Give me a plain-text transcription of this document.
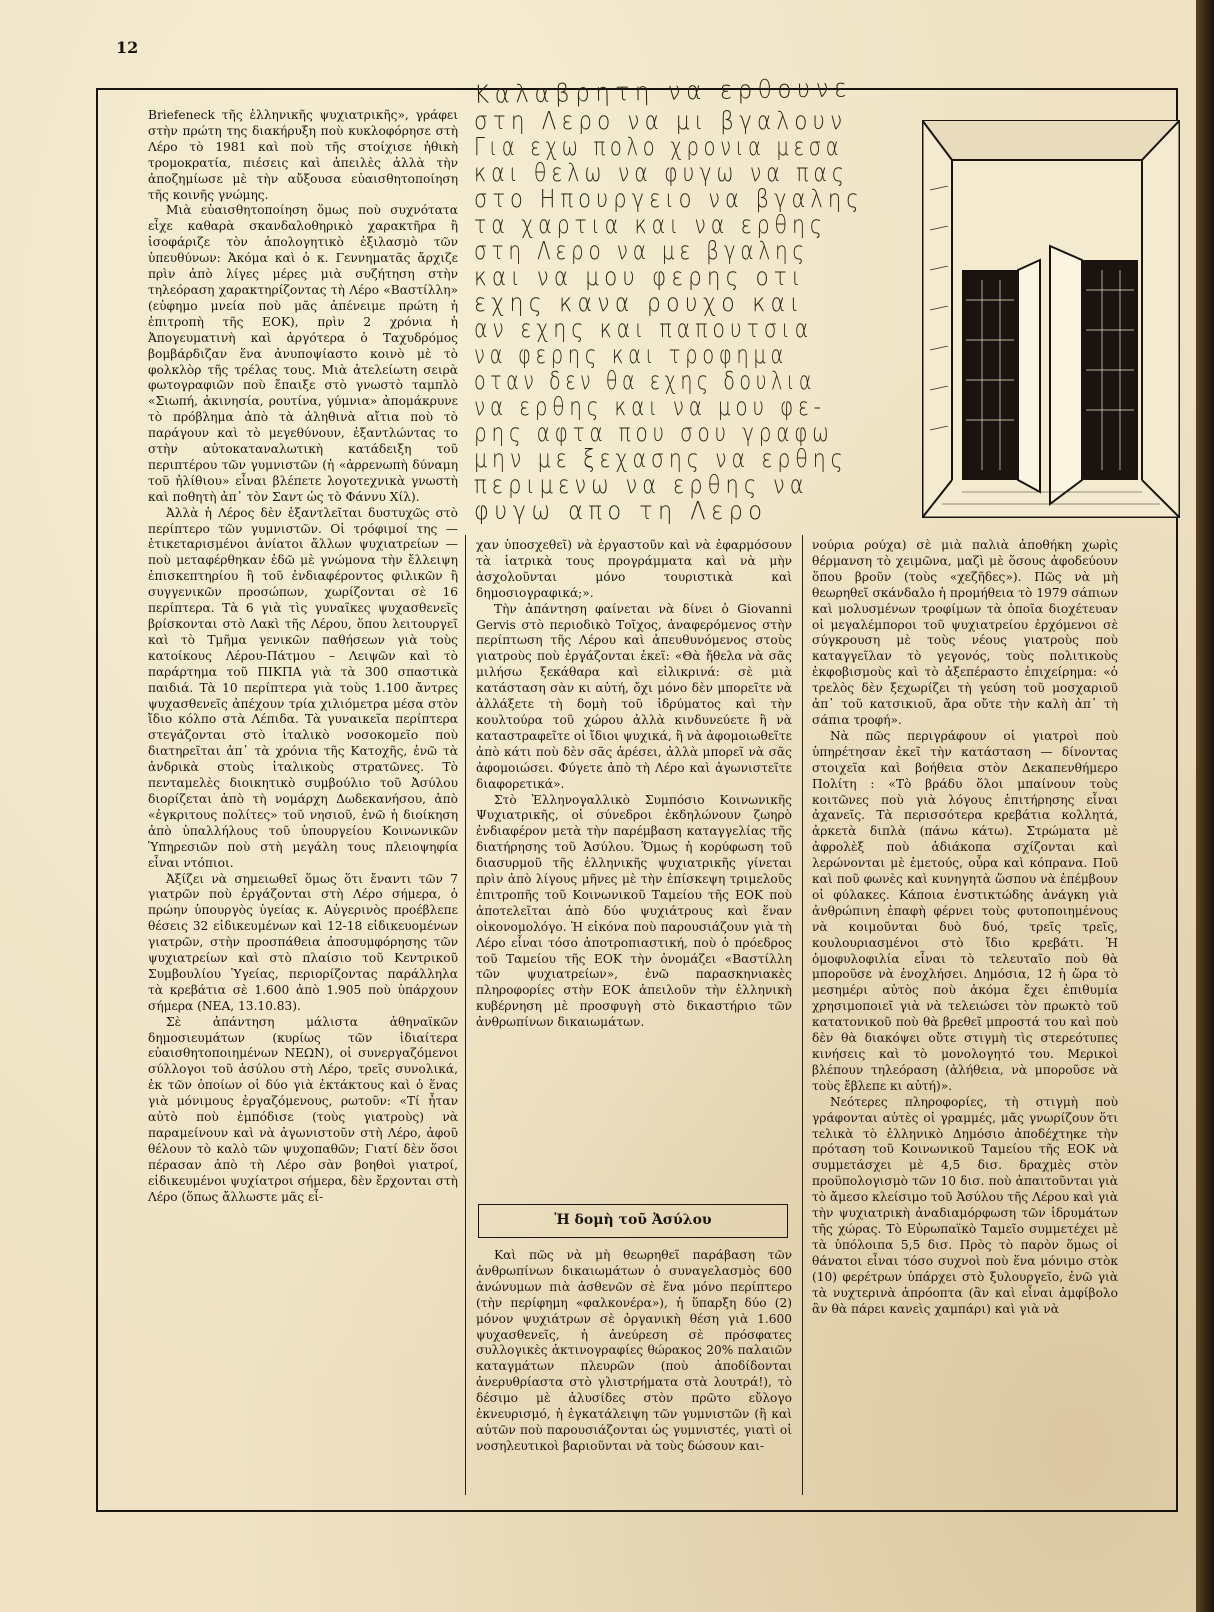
12
Καλαβρητη να ερθουνε
στη Λερο να μι βγαλουν
Για εχω πολο χρονια μεσα
και θελω να φυγω να πας
στο Ηπουργειο να βγαλης
τα χαρτια και να ερθης
στη Λερο να με βγαλης
και να μου φερης οτι
εχης κανα ρουχο και
αν εχης και παπουτσια
να φερης και τροφημα
οταν δεν θα εχης δουλια
να ερθης και να μου φε-
ρης αφτα που σου γραφω
μην με ξεχασης να ερθης
περιμενω να ερθης να
φυγω απο τη Λερο

Briefeneck τῆς ἑλληνικῆς ψυχιατρικῆς», γράφει στὴν πρώτη της διακήρυξη ποὺ κυκλοφόρησε στὴ Λέρο τὸ 1981 καὶ ποὺ τῆς στοίχισε ἠθικὴ τρομοκρατία, πιέσεις καὶ ἀπειλὲς ἀλλὰ τὴν ἀποζημίωσε μὲ τὴν αὔξουσα εὐαισθητοποίηση τῆς κοινῆς γνώμης.

Μιὰ εὐαισθητοποίηση ὅμως ποὺ συχνότατα εἶχε καθαρὰ σκανδαλοθηρικὸ χαρακτῆρα ἢ ἰσοφάριζε τὸν ἀπολογητικὸ ἐξιλασμὸ τῶν ὑπευθύνων: Ἀκόμα καὶ ὁ κ. Γεννηματᾶς ἄρχιζε πρὶν ἀπὸ λίγες μέρες μιὰ συζήτηση στὴν τηλεόραση χαρακτηρίζοντας τὴ Λέρο «Βαστίλλη» (εὐφημο μνεία ποὺ μᾶς ἀπένειμε πρώτη ἡ ἐπιτροπὴ τῆς ΕΟΚ), πρὶν 2 χρόνια ἡ Ἀπογευματινὴ καὶ ἀργότερα ὁ Ταχυδρόμος βομβάρδιζαν ἕνα ἀνυποψίαστο κοινὸ μὲ τὸ φολκλὸρ τῆς τρέλας τους. Μιὰ ἀτελείωτη σειρὰ φωτογραφιῶν ποὺ ἔπαιξε στὸ γνωστὸ ταμπλὸ «Σιωπή, ἀκινησία, ρουτίνα, γύμνια» ἀπομάκρυνε τὸ πρόβλημα ἀπὸ τὰ ἀληθινὰ αἴτια ποὺ τὸ παράγουν καὶ τὸ μεγεθύνουν, ἐξαντλώντας το στὴν αὐτοκαταναλωτικὴ κατάδειξη τοῦ περιπτέρου τῶν γυμνιστῶν (ἡ «ἀρρενωπὴ δύναμη τοῦ ἠλίθιου» εἶναι βλέπετε λογοτεχνικὰ γνωστὴ καὶ ποθητὴ ἀπ᾽ τὸν Σαντ ὡς τὸ Φάννυ Χίλ).

Ἀλλὰ ἡ Λέρος δὲν ἐξαντλεῖται δυστυχῶς στὸ περίπτερο τῶν γυμνιστῶν. Οἱ τρόφιμοί της — ἐτικεταρισμένοι ἀνίατοι ἄλλων ψυχιατρείων — ποὺ μεταφέρθηκαν ἐδῶ μὲ γνώμονα τὴν ἔλλειψη ἐπισκεπτηρίου ἢ τοῦ ἐνδιαφέροντος φιλικῶν ἢ συγγενικῶν προσώπων, χωρίζονται σὲ 16 περίπτερα. Τὰ 6 γιὰ τὶς γυναῖκες ψυχασθενεῖς βρίσκονται στὸ Λακὶ τῆς Λέρου, ὅπου λειτουργεῖ καὶ τὸ Τμῆμα γενικῶν παθήσεων γιὰ τοὺς κατοίκους Λέρου-Πάτμου – Λειψῶν καὶ τὸ παράρτημα τοῦ ΠΙΚΠΑ γιὰ τὰ 300 σπαστικὰ παιδιά. Τὰ 10 περίπτερα γιὰ τοὺς 1.100 ἄντρες ψυχασθενεῖς ἀπέχουν τρία χιλιόμετρα μέσα στὸν ἴδιο κόλπο στὰ Λέπιδα. Τὰ γυναικεῖα περίπτερα στεγάζονται στὸ ἰταλικὸ νοσοκομεῖο ποὺ διατηρεῖται ἀπ᾽ τὰ χρόνια τῆς Κατοχῆς, ἐνῶ τὰ ἀνδρικὰ στοὺς ἰταλικοὺς στρατῶνες. Τὸ πενταμελὲς διοικητικὸ συμβούλιο τοῦ Ἀσύλου διορίζεται ἀπὸ τὴ νομάρχη Δωδεκανήσου, ἀπὸ «ἐγκριτους πολίτες» τοῦ νησιοῦ, ἐνῶ ἡ διοίκηση ἀπὸ ὑπαλλήλους τοῦ ὑπουργείου Κοινωνικῶν Ὑπηρεσιῶν ποὺ στὴ μεγάλη τους πλειοψηφία εἶναι ντόπιοι.

Ἀξίζει νὰ σημειωθεῖ ὅμως ὅτι ἔναντι τῶν 7 γιατρῶν ποὺ ἐργάζονται στὴ Λέρο σήμερα, ὁ πρώην ὑπουργὸς ὑγείας κ. Αὐγερινὸς προέβλεπε θέσεις 32 εἰδικευμένων καὶ 12-18 εἰδικευομένων γιατρῶν, στὴν προσπάθεια ἀποσυμφόρησης τῶν ψυχιατρείων καὶ στὸ πλαίσιο τοῦ Κεντρικοῦ Συμβουλίου Ὑγείας, περιορίζοντας παράλληλα τὰ κρεβάτια σὲ 1.600 ἀπὸ 1.905 ποὺ ὑπάρχουν σήμερα (ΝΕΑ, 13.10.83).

Σὲ ἀπάντηση μάλιστα ἀθηναϊκῶν δημοσιευμάτων (κυρίως τῶν ἰδιαίτερα εὐαισθητοποιημένων ΝΕΩΝ), οἱ συνεργαζόμενοι σύλλογοι τοῦ ἀσύλου στὴ Λέρο, τρεῖς συνολικά, ἐκ τῶν ὁποίων οἱ δύο γιὰ ἐκτάκτους καὶ ὁ ἕνας γιὰ μόνιμους ἐργαζόμενους, ρωτοῦν: «Τί ἦταν αὐτὸ ποὺ ἐμπόδισε (τοὺς γιατροὺς) νὰ παραμείνουν καὶ νὰ ἀγωνιστοῦν στὴ Λέρο, ἀφοῦ θέλουν τὸ καλὸ τῶν ψυχοπαθῶν; Γιατί δὲν ὅσοι πέρασαν ἀπὸ τὴ Λέρο σὰν βοηθοὶ γιατροί, εἰδικευμένοι ψυχίατροι σήμερα, δὲν ἔρχονται στὴ Λέρο (ὅπως ἄλλωστε μᾶς εἶ-

χαν ὑποσχεθεῖ) νὰ ἐργαστοῦν καὶ νὰ ἐφαρμόσουν τὰ ἰατρικὰ τους προγράμματα καὶ νὰ μὴν ἀσχολοῦνται μόνο τουριστικὰ καὶ δημοσιογραφικά;».

Τὴν ἀπάντηση φαίνεται νὰ δίνει ὁ Giovanni Gervis στὸ περιοδικὸ Τοῖχος, ἀναφερόμενος στὴν περίπτωση τῆς Λέρου καὶ ἀπευθυνόμενος στοὺς γιατροὺς ποὺ ἐργάζονται ἐκεῖ: «Θὰ ἤθελα νὰ σᾶς μιλήσω ξεκάθαρα καὶ εἰλικρινά: σὲ μιὰ κατάσταση σὰν κι αὐτή, ὄχι μόνο δὲν μπορεῖτε νὰ ἀλλάξετε τὴ δομὴ τοῦ ἱδρύματος καὶ τὴν κουλτούρα τοῦ χώρου ἀλλὰ κινδυνεύετε ἢ νὰ καταστραφεῖτε οἱ ἴδιοι ψυχικά, ἢ νὰ ἀφομοιωθεῖτε ἀπὸ κάτι ποὺ δὲν σᾶς ἀρέσει, ἀλλὰ μπορεῖ νὰ σᾶς ἀφομοιώσει. Φύγετε ἀπὸ τὴ Λέρο καὶ ἀγωνιστεῖτε διαφορετικά».

Στὸ Ἑλληνογαλλικὸ Συμπόσιο Κοινωνικῆς Ψυχιατρικῆς, οἱ σύνεδροι ἐκδηλώνουν ζωηρὸ ἐνδιαφέρον μετὰ τὴν παρέμβαση καταγγελίας τῆς διατήρησης τοῦ Ἀσύλου. Ὅμως ἡ κορύφωση τοῦ διασυρμοῦ τῆς ἑλληνικῆς ψυχιατρικῆς γίνεται πρὶν ἀπὸ λίγους μῆνες μὲ τὴν ἐπίσκεψη τριμελοῦς ἐπιτροπῆς τοῦ Κοινωνικοῦ Ταμείου τῆς ΕΟΚ ποὺ ἀποτελεῖται ἀπὸ δύο ψυχιάτρους καὶ ἕναν οἰκονομολόγο. Ἡ εἰκόνα ποὺ παρουσιάζουν γιὰ τὴ Λέρο εἶναι τόσο ἀποτροπιαστική, ποὺ ὁ πρόεδρος τοῦ Ταμείου τῆς ΕΟΚ τὴν ὀνομάζει «Βαστίλλη τῶν ψυχιατρείων», ἐνῶ παρασκηνιακὲς πληροφορίες στὴν ΕΟΚ ἀπειλοῦν τὴν ἑλληνικὴ κυβέρνηση μὲ προσφυγὴ στὸ δικαστήριο τῶν ἀνθρωπίνων δικαιωμάτων.

Ἡ δομὴ τοῦ Ἀσύλου

Καὶ πῶς νὰ μὴ θεωρηθεῖ παράβαση τῶν ἀνθρωπίνων δικαιωμάτων ὁ συναγελασμὸς 600 ἀνώνυμων πιὰ ἀσθενῶν σὲ ἕνα μόνο περίπτερο (τὴν περίφημη «φαλκονέρα»), ἡ ὕπαρξη δύο (2) μόνον ψυχιάτρων σὲ ὀργανικὴ θέση γιὰ 1.600 ψυχασθενεῖς, ἡ ἀνεύρεση σὲ πρόσφατες συλλογικὲς ἀκτινογραφίες θώρακος 20% παλαιῶν καταγμάτων πλευρῶν (ποὺ ἀποδίδονται ἀνερυθρίαστα στὸ γλιστρήματα στὰ λουτρά!), τὸ δέσιμο μὲ ἁλυσίδες στὸν πρῶτο εὔλογο ἐκνευρισμό, ἡ ἐγκατάλειψη τῶν γυμνιστῶν (ἢ καὶ αὐτῶν ποὺ παρουσιάζονται ὡς γυμνιστές, γιατὶ οἱ νοσηλευτικοὶ βαριοῦνται νὰ τοὺς δώσουν και-

νούρια ρούχα) σὲ μιὰ παλιὰ ἀποθήκη χωρὶς θέρμανση τὸ χειμῶνα, μαζὶ μὲ ὅσους ἀφοδεύουν ὅπου βροῦν (τοὺς «χεζῆδες»). Πῶς νὰ μὴ θεωρηθεῖ σκάνδαλο ἡ προμήθεια τὸ 1979 σάπιων καὶ μολυσμένων τροφίμων τὰ ὁποῖα διοχέτευαν οἱ μεγαλέμποροι τοῦ ψυχιατρείου ἐρχόμενοι σὲ σύγκρουση μὲ τοὺς νέους γιατροὺς ποὺ καταγγεῖλαν τὸ γεγονός, τοὺς πολιτικοὺς ἐκφοβισμοὺς καὶ τὸ ἀξεπέραστο ἐπιχείρημα: «ὁ τρελὸς δὲν ξεχωρίζει τὴ γεύση τοῦ μοσχαριοῦ ἀπ᾽ τοῦ κατσικιοῦ, ἄρα οὔτε τὴν καλὴ ἀπ᾽ τὴ σάπια τροφή».

Νὰ πῶς περιγράφουν οἱ γιατροὶ ποὺ ὑπηρέτησαν ἐκεῖ τὴν κατάσταση — δίνοντας στοιχεῖα καὶ βοήθεια στὸν Δεκαπενθήμερο Πολίτη : «Τὸ βράδυ ὅλοι μπαίνουν τοὺς κοιτῶνες ποὺ γιὰ λόγους ἐπιτήρησης εἶναι ἀχανεῖς. Τὰ περισσότερα κρεβάτια κολλητά, ἀρκετὰ διπλὰ (πάνω κάτω). Στρώματα μὲ ἀφρολὲξ ποὺ ἀδιάκοπα σχίζονται καὶ λερώνονται μὲ ἐμετούς, οὖρα καὶ κόπρανα. Ποῦ καὶ ποῦ φωνὲς καὶ κυνηγητὰ ὥσπου νὰ ἐπέμβουν οἱ φύλακες. Κάποια ἐνστικτώδης ἀνάγκη γιὰ ἀνθρώπινη ἐπαφὴ φέρνει τοὺς φυτοποιημένους νὰ κοιμοῦνται δυὸ δυό, τρεῖς τρεῖς, κουλουριασμένοι στὸ ἴδιο κρεβάτι. Ἡ ὁμοφυλοφιλία εἶναι τὸ τελευταῖο ποὺ θὰ μποροῦσε νὰ ἐνοχλήσει. Δημόσια, 12 ἡ ὥρα τὸ μεσημέρι αὐτὸς ποὺ ἀκόμα ἔχει ἐπιθυμία χρησιμοποιεῖ γιὰ νὰ τελειώσει τὸν πρωκτὸ τοῦ κατατονικοῦ ποὺ θὰ βρεθεῖ μπροστά του καὶ ποὺ δὲν θὰ διακόψει οὔτε στιγμὴ τὶς στερεότυπες κινήσεις καὶ τὸ μονολογητό του. Μερικοὶ βλέπουν τηλεόραση (ἀλήθεια, νὰ μποροῦσε νὰ τοὺς ἔβλεπε κι αὐτή)».

Νεότερες πληροφορίες, τὴ στιγμὴ ποὺ γράφονται αὐτὲς οἱ γραμμές, μᾶς γνωρίζουν ὅτι τελικὰ τὸ ἑλληνικὸ Δημόσιο ἀποδέχτηκε τὴν πρόταση τοῦ Κοινωνικοῦ Ταμείου τῆς ΕΟΚ νὰ συμμετάσχει μὲ 4,5 δισ. δραχμὲς στὸν προϋπολογισμὸ τῶν 10 δισ. ποὺ ἀπαιτοῦνται γιὰ τὸ ἄμεσο κλείσιμο τοῦ Ἀσύλου τῆς Λέρου καὶ γιὰ τὴν ψυχιατρικὴ ἀναδιαμόρφωση τῶν ἱδρυμάτων τῆς χώρας. Τὸ Εὐρωπαϊκὸ Ταμεῖο συμμετέχει μὲ τὰ ὑπόλοιπα 5,5 δισ. Πρὸς τὸ παρὸν ὅμως οἱ θάνατοι εἶναι τόσο συχνοὶ ποὺ ἕνα μόνιμο στὸκ (10) φερέτρων ὑπάρχει στὸ ξυλουργεῖο, ἐνῶ γιὰ τὰ νυχτερινὰ ἀπρόοπτα (ἂν καὶ εἶναι ἀμφίβολο ἂν θὰ πάρει κανεὶς χαμπάρι) καὶ γιὰ νὰ
